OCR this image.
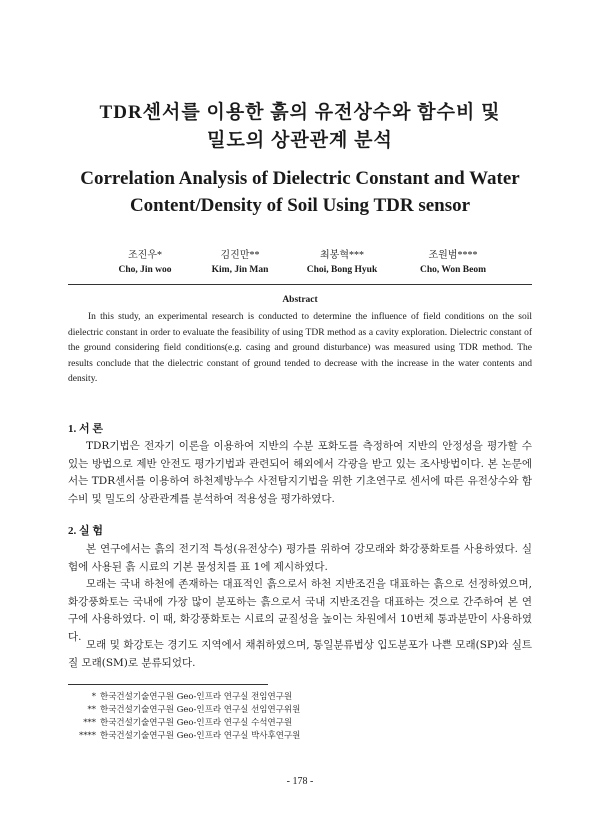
TDR센서를 이용한 흙의 유전상수와 함수비 및
밀도의 상관관계 분석
Correlation Analysis of Dielectric Constant and Water
Content/Density of Soil Using TDR sensor
조진우*
Cho, Jin woo
김진만**
Kim, Jin Man
최봉혁***
Choi, Bong Hyuk
조원범****
Cho, Won Beom
Abstract

In this study, an experimental research is conducted to determine the influence of field conditions on the soil dielectric constant in order to evaluate the feasibility of using TDR method as a cavity exploration. Dielectric constant of the ground considering field conditions(e.g. casing and ground disturbance) was measured using TDR method. The results conclude that the dielectric constant of ground tended to decrease with the increase in the water contents and density.

1. 서 론

TDR기법은 전자기 이론을 이용하여 지반의 수분 포화도를 측정하여 지반의 안정성을 평가할 수 있는 방법으로 제반 안전도 평가기법과 관련되어 해외에서 각광을 받고 있는 조사방법이다. 본 논문에서는 TDR센서를 이용하여 하천제방누수 사전탐지기법을 위한 기초연구로 센서에 따른 유전상수와 함수비 및 밀도의 상관관계를 분석하여 적용성을 평가하였다.

2. 실 험

본 연구에서는 흙의 전기적 특성(유전상수) 평가를 위하여 강모래와 화강풍화토를 사용하였다. 실험에 사용된 흙 시료의 기본 물성치를 표 1에 제시하였다.

모래는 국내 하천에 존재하는 대표적인 흙으로서 하천 지반조건을 대표하는 흙으로 선정하였으며, 화강풍화토는 국내에 가장 많이 분포하는 흙으로서 국내 지반조건을 대표하는 것으로 간주하여 본 연구에 사용하였다. 이 때, 화강풍화토는 시료의 균질성을 높이는 차원에서 10번체 통과분만이 사용하였다.

모래 및 화강토는 경기도 지역에서 채취하였으며, 통일분류법상 입도분포가 나쁜 모래(SP)와 실트질 모래(SM)로 분류되었다.

* 한국건설기술연구원 Geo-인프라 연구실 전임연구원
** 한국건설기술연구원 Geo-인프라 연구실 선임연구위원
*** 한국건설기술연구원 Geo-인프라 연구실 수석연구원
**** 한국건설기술연구원 Geo-인프라 연구실 박사후연구원
- 178 -
